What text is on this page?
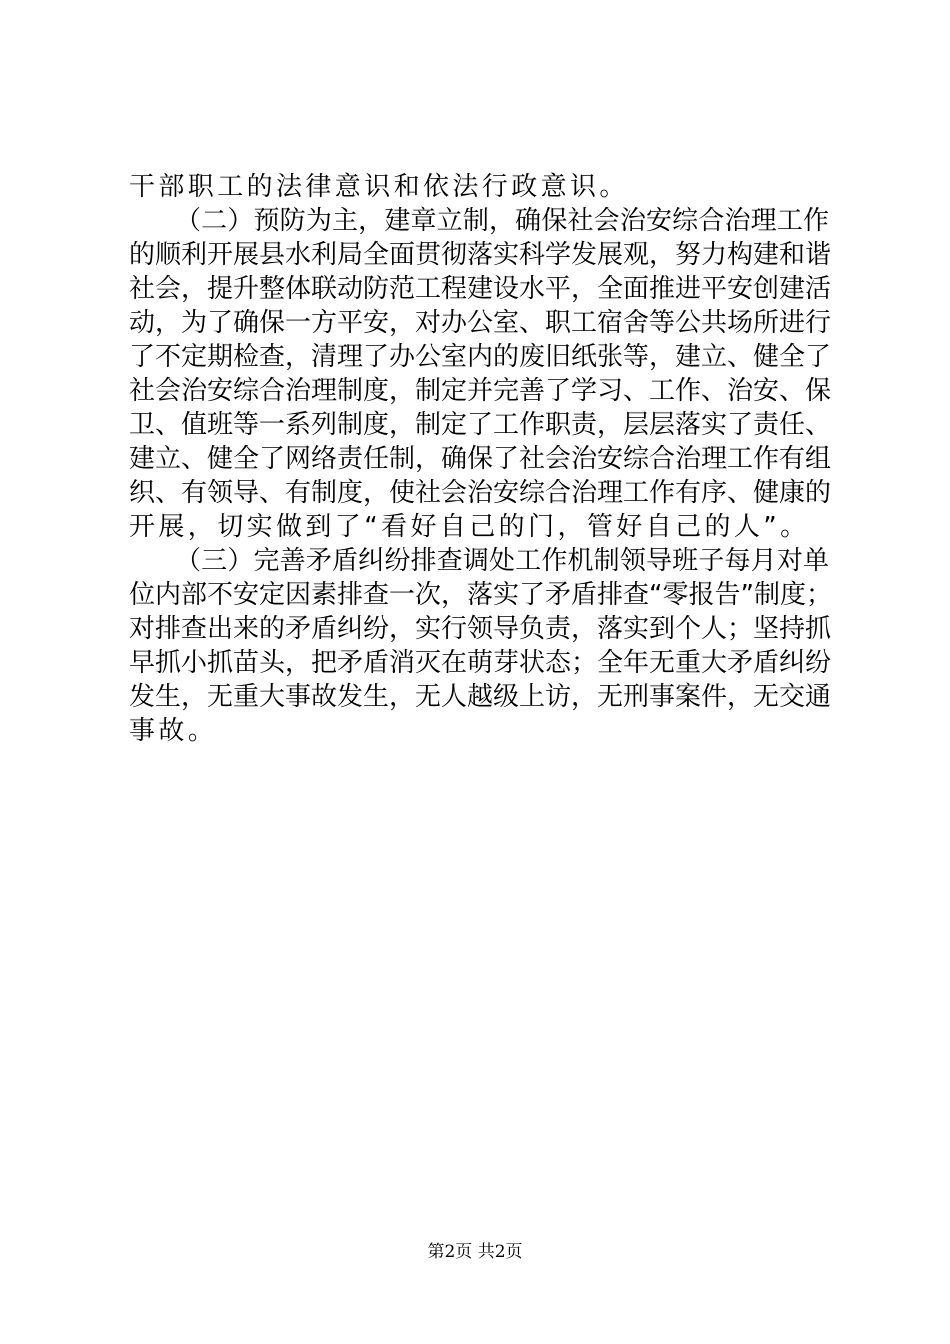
干部职工的法律意识和依法行政意识。
（二）预防为主，建章立制，确保社会治安综合治理工作
的顺利开展县水利局全面贯彻落实科学发展观，努力构建和谐
社会，提升整体联动防范工程建设水平，全面推进平安创建活
动，为了确保一方平安，对办公室、职工宿舍等公共场所进行
了不定期检查，清理了办公室内的废旧纸张等，建立、健全了
社会治安综合治理制度，制定并完善了学习、工作、治安、保
卫、值班等一系列制度，制定了工作职责，层层落实了责任、
建立、健全了网络责任制，确保了社会治安综合治理工作有组
织、有领导、有制度，使社会治安综合治理工作有序、健康的
开展，切实做到了“看好自己的门，管好自己的人”。
（三）完善矛盾纠纷排查调处工作机制领导班子每月对单
位内部不安定因素排查一次，落实了矛盾排查“零报告”制度；
对排查出来的矛盾纠纷，实行领导负责，落实到个人；坚持抓
早抓小抓苗头，把矛盾消灭在萌芽状态；全年无重大矛盾纠纷
发生，无重大事故发生，无人越级上访，无刑事案件，无交通
事故。
第2页 共2页
